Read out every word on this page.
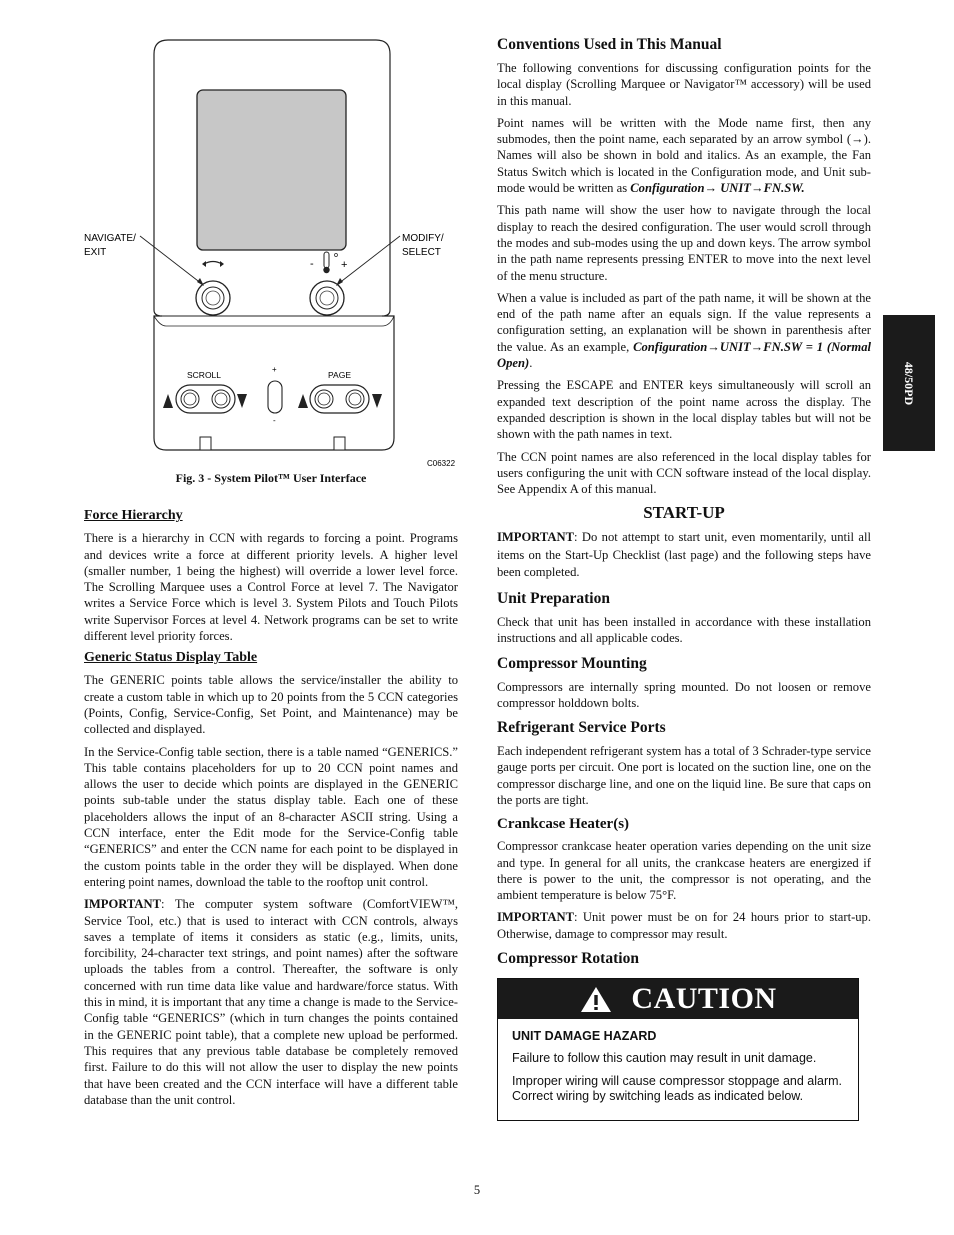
- +
NAVIGATE/
EXIT
MODIFY/
SELECT
SCROLL	PAGE
+
-
C06322

Fig. 3 - System Pilot™ User Interface

Force Hierarchy

There is a hierarchy in CCN with regards to forcing a point. Programs and devices write a force at different priority levels. A higher level (smaller number, 1 being the highest) will override a lower level force. The Scrolling Marquee uses a Control Force at level 7. The Navigator writes a Service Force which is level 3. System Pilots and Touch Pilots write Supervisor Forces at level 4. Network programs can be set to write different level priority forces.

Generic Status Display Table

The GENERIC points table allows the service/installer the ability to create a custom table in which up to 20 points from the 5 CCN categories (Points, Config, Service-Config, Set Point, and Maintenance) may be collected and displayed.

In the Service-Config table section, there is a table named “GENERICS.” This table contains placeholders for up to 20 CCN point names and allows the user to decide which points are displayed in the GENERIC points sub-table under the status display table. Each one of these placeholders allows the input of an 8-character ASCII string. Using a CCN interface, enter the Edit mode for the Service-Config table “GENERICS” and enter the CCN name for each point to be displayed in the custom points table in the order they will be displayed. When done entering point names, download the table to the rooftop unit control.

IMPORTANT: The computer system software (ComfortVIEW™, Service Tool, etc.) that is used to interact with CCN controls, always saves a template of items it considers as static (e.g., limits, units, forcibility, 24-character text strings, and point names) after the software uploads the tables from a control. Thereafter, the software is only concerned with run time data like value and hardware/force status. With this in mind, it is important that any time a change is made to the Service-Config table “GENERICS” (which in turn changes the points contained in the GENERIC point table), that a complete new upload be performed. This requires that any previous table database be completely removed first. Failure to do this will not allow the user to display the new points that have been created and the CCN interface will have a different table database than the unit control.

Conventions Used in This Manual

The following conventions for discussing configuration points for the local display (Scrolling Marquee or Navigator™ accessory) will be used in this manual.

Point names will be written with the Mode name first, then any submodes, then the point name, each separated by an arrow symbol (→). Names will also be shown in bold and italics. As an example, the Fan Status Switch which is located in the Configuration mode, and Unit sub-mode would be written as Configuration→ UNIT→FN.SW.

This path name will show the user how to navigate through the local display to reach the desired configuration. The user would scroll through the modes and sub-modes using the up and down keys. The arrow symbol in the path name represents pressing ENTER to move into the next level of the menu structure.

When a value is included as part of the path name, it will be shown at the end of the path name after an equals sign. If the value represents a configuration setting, an explanation will be shown in parenthesis after the value. As an example, Configuration→UNIT→FN.SW = 1 (Normal Open).

Pressing the ESCAPE and ENTER keys simultaneously will scroll an expanded text description of the point name across the display. The expanded description is shown in the local display tables but will not be shown with the path names in text.

The CCN point names are also referenced in the local display tables for users configuring the unit with CCN software instead of the local display. See Appendix A of this manual.

START-UP

IMPORTANT: Do not attempt to start unit, even momentarily, until all items on the Start-Up Checklist (last page) and the following steps have been completed.

Unit Preparation

Check that unit has been installed in accordance with these installation instructions and all applicable codes.

Compressor Mounting

Compressors are internally spring mounted. Do not loosen or remove compressor holddown bolts.

Refrigerant Service Ports

Each independent refrigerant system has a total of 3 Schrader-type service gauge ports per circuit. One port is located on the suction line, one on the compressor discharge line, and one on the liquid line. Be sure that caps on the ports are tight.

Crankcase Heater(s)

Compressor crankcase heater operation varies depending on the unit size and type. In general for all units, the crankcase heaters are energized if there is power to the unit, the compressor is not operating, and the ambient temperature is below 75°F.

IMPORTANT: Unit power must be on for 24 hours prior to start-up. Otherwise, damage to compressor may result.

Compressor Rotation
CAUTION
UNIT DAMAGE HAZARD

Failure to follow this caution may result in unit damage.

Improper wiring will cause compressor stoppage and alarm. Correct wiring by switching leads as indicated below.

48/50PD
5
